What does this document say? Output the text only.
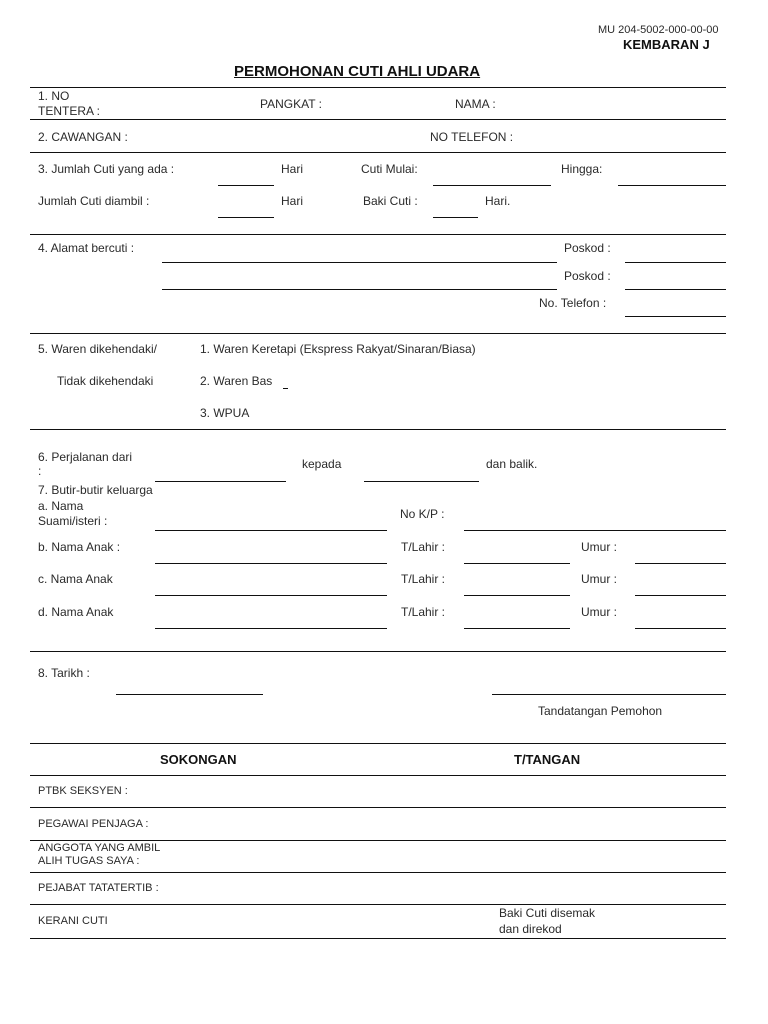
MU 204-5002-000-00-00
KEMBARAN J
PERMOHONAN CUTI AHLI UDARA
1. NO
TENTERA :	PANGKAT :	NAMA :
2. CAWANGAN :	NO TELEFON :
3. Jumlah Cuti yang ada :	Hari	Cuti Mulai:	Hingga:
Jumlah Cuti diambil :	Hari	Baki Cuti :	Hari.
4. Alamat bercuti :	Poskod :
Poskod :
No. Telefon :
5. Waren dikehendaki/
Tidak dikehendaki
1. Waren Keretapi (Ekspress Rakyat/Sinaran/Biasa)
2. Waren Bas
3. WPUA
6. Perjalanan dari
:	kepada	dan balik.
7. Butir-butir keluarga
a. Nama
Suami/isteri :	No K/P :
b. Nama Anak :	T/Lahir :	Umur :
c. Nama Anak	T/Lahir :	Umur :
d. Nama Anak	T/Lahir :	Umur :
8. Tarikh :
Tandatangan Pemohon
SOKONGAN	T/TANGAN
PTBK SEKSYEN :
PEGAWAI PENJAGA :
ANGGOTA YANG AMBIL
ALIH TUGAS SAYA :
PEJABAT TATATERTIB :
KERANI CUTI
Baki Cuti disemak
dan direkod
